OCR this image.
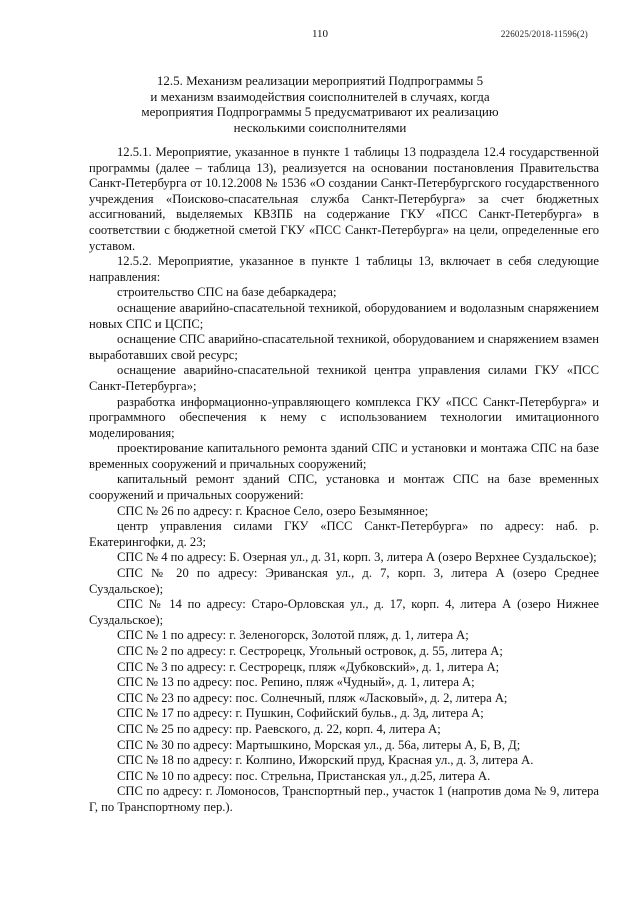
110	226025/2018-11596(2)
12.5. Механизм реализации мероприятий Подпрограммы 5
и механизм взаимодействия соисполнителей в случаях, когда
мероприятия Подпрограммы 5 предусматривают их реализацию
несколькими соисполнителями

12.5.1. Мероприятие, указанное в пункте 1 таблицы 13 подраздела 12.4 государственной программы (далее – таблица 13), реализуется на основании постановления Правительства Санкт-Петербурга от 10.12.2008 № 1536 «О создании Санкт-Петербургского государственного учреждения «Поисково-спасательная служба Санкт-Петербурга» за счет бюджетных ассигнований, выделяемых КВЗПБ на содержание ГКУ «ПСС Санкт-Петербурга» в соответствии с бюджетной сметой ГКУ «ПСС Санкт-Петербурга» на цели, определенные его уставом.

12.5.2. Мероприятие, указанное в пункте 1 таблицы 13, включает в себя следующие направления:

строительство СПС на базе дебаркадера;

оснащение аварийно-спасательной техникой, оборудованием и водолазным снаряжением новых СПС и ЦСПС;

оснащение СПС аварийно-спасательной техникой, оборудованием и снаряжением взамен выработавших свой ресурс;

оснащение аварийно-спасательной техникой центра управления силами ГКУ «ПСС Санкт-Петербурга»;

разработка информационно-управляющего комплекса ГКУ «ПСС Санкт-Петербурга» и программного обеспечения к нему с использованием технологии имитационного моделирования;

проектирование капитального ремонта зданий СПС и установки и монтажа СПС на базе временных сооружений и причальных сооружений;

капитальный ремонт зданий СПС, установка и монтаж СПС на базе временных сооружений и причальных сооружений:

СПС № 26 по адресу: г. Красное Село, озеро Безымянное;

центр управления силами ГКУ «ПСС Санкт-Петербурга» по адресу: наб. р. Екатерингофки, д. 23;

СПС № 4 по адресу: Б. Озерная ул., д. 31, корп. 3, литера А (озеро Верхнее Суздальское);

СПС № 20 по адресу: Эриванская ул., д. 7, корп. 3, литера А (озеро Среднее Суздальское);

СПС № 14 по адресу: Старо-Орловская ул., д. 17, корп. 4, литера А (озеро Нижнее Суздальское);

СПС № 1 по адресу: г. Зеленогорск, Золотой пляж, д. 1, литера А;

СПС № 2 по адресу: г. Сестрорецк, Угольный островок, д. 55, литера А;

СПС № 3 по адресу: г. Сестрорецк, пляж «Дубковский», д. 1, литера А;

СПС № 13 по адресу: пос. Репино, пляж «Чудный», д. 1, литера А;

СПС № 23 по адресу: пос. Солнечный, пляж «Ласковый», д. 2, литера А;

СПС № 17 по адресу: г. Пушкин, Софийский бульв., д. 3д, литера А;

СПС № 25 по адресу: пр. Раевского, д. 22, корп. 4, литера А;

СПС № 30 по адресу: Мартышкино, Морская ул., д. 56а, литеры А, Б, В, Д;

СПС № 18 по адресу: г. Колпино, Ижорский пруд, Красная ул., д. 3, литера А.

СПС № 10 по адресу: пос. Стрельна, Пристанская ул., д.25, литера А.

СПС по адресу: г. Ломоносов, Транспортный пер., участок 1 (напротив дома № 9, литера Г, по Транспортному пер.).
